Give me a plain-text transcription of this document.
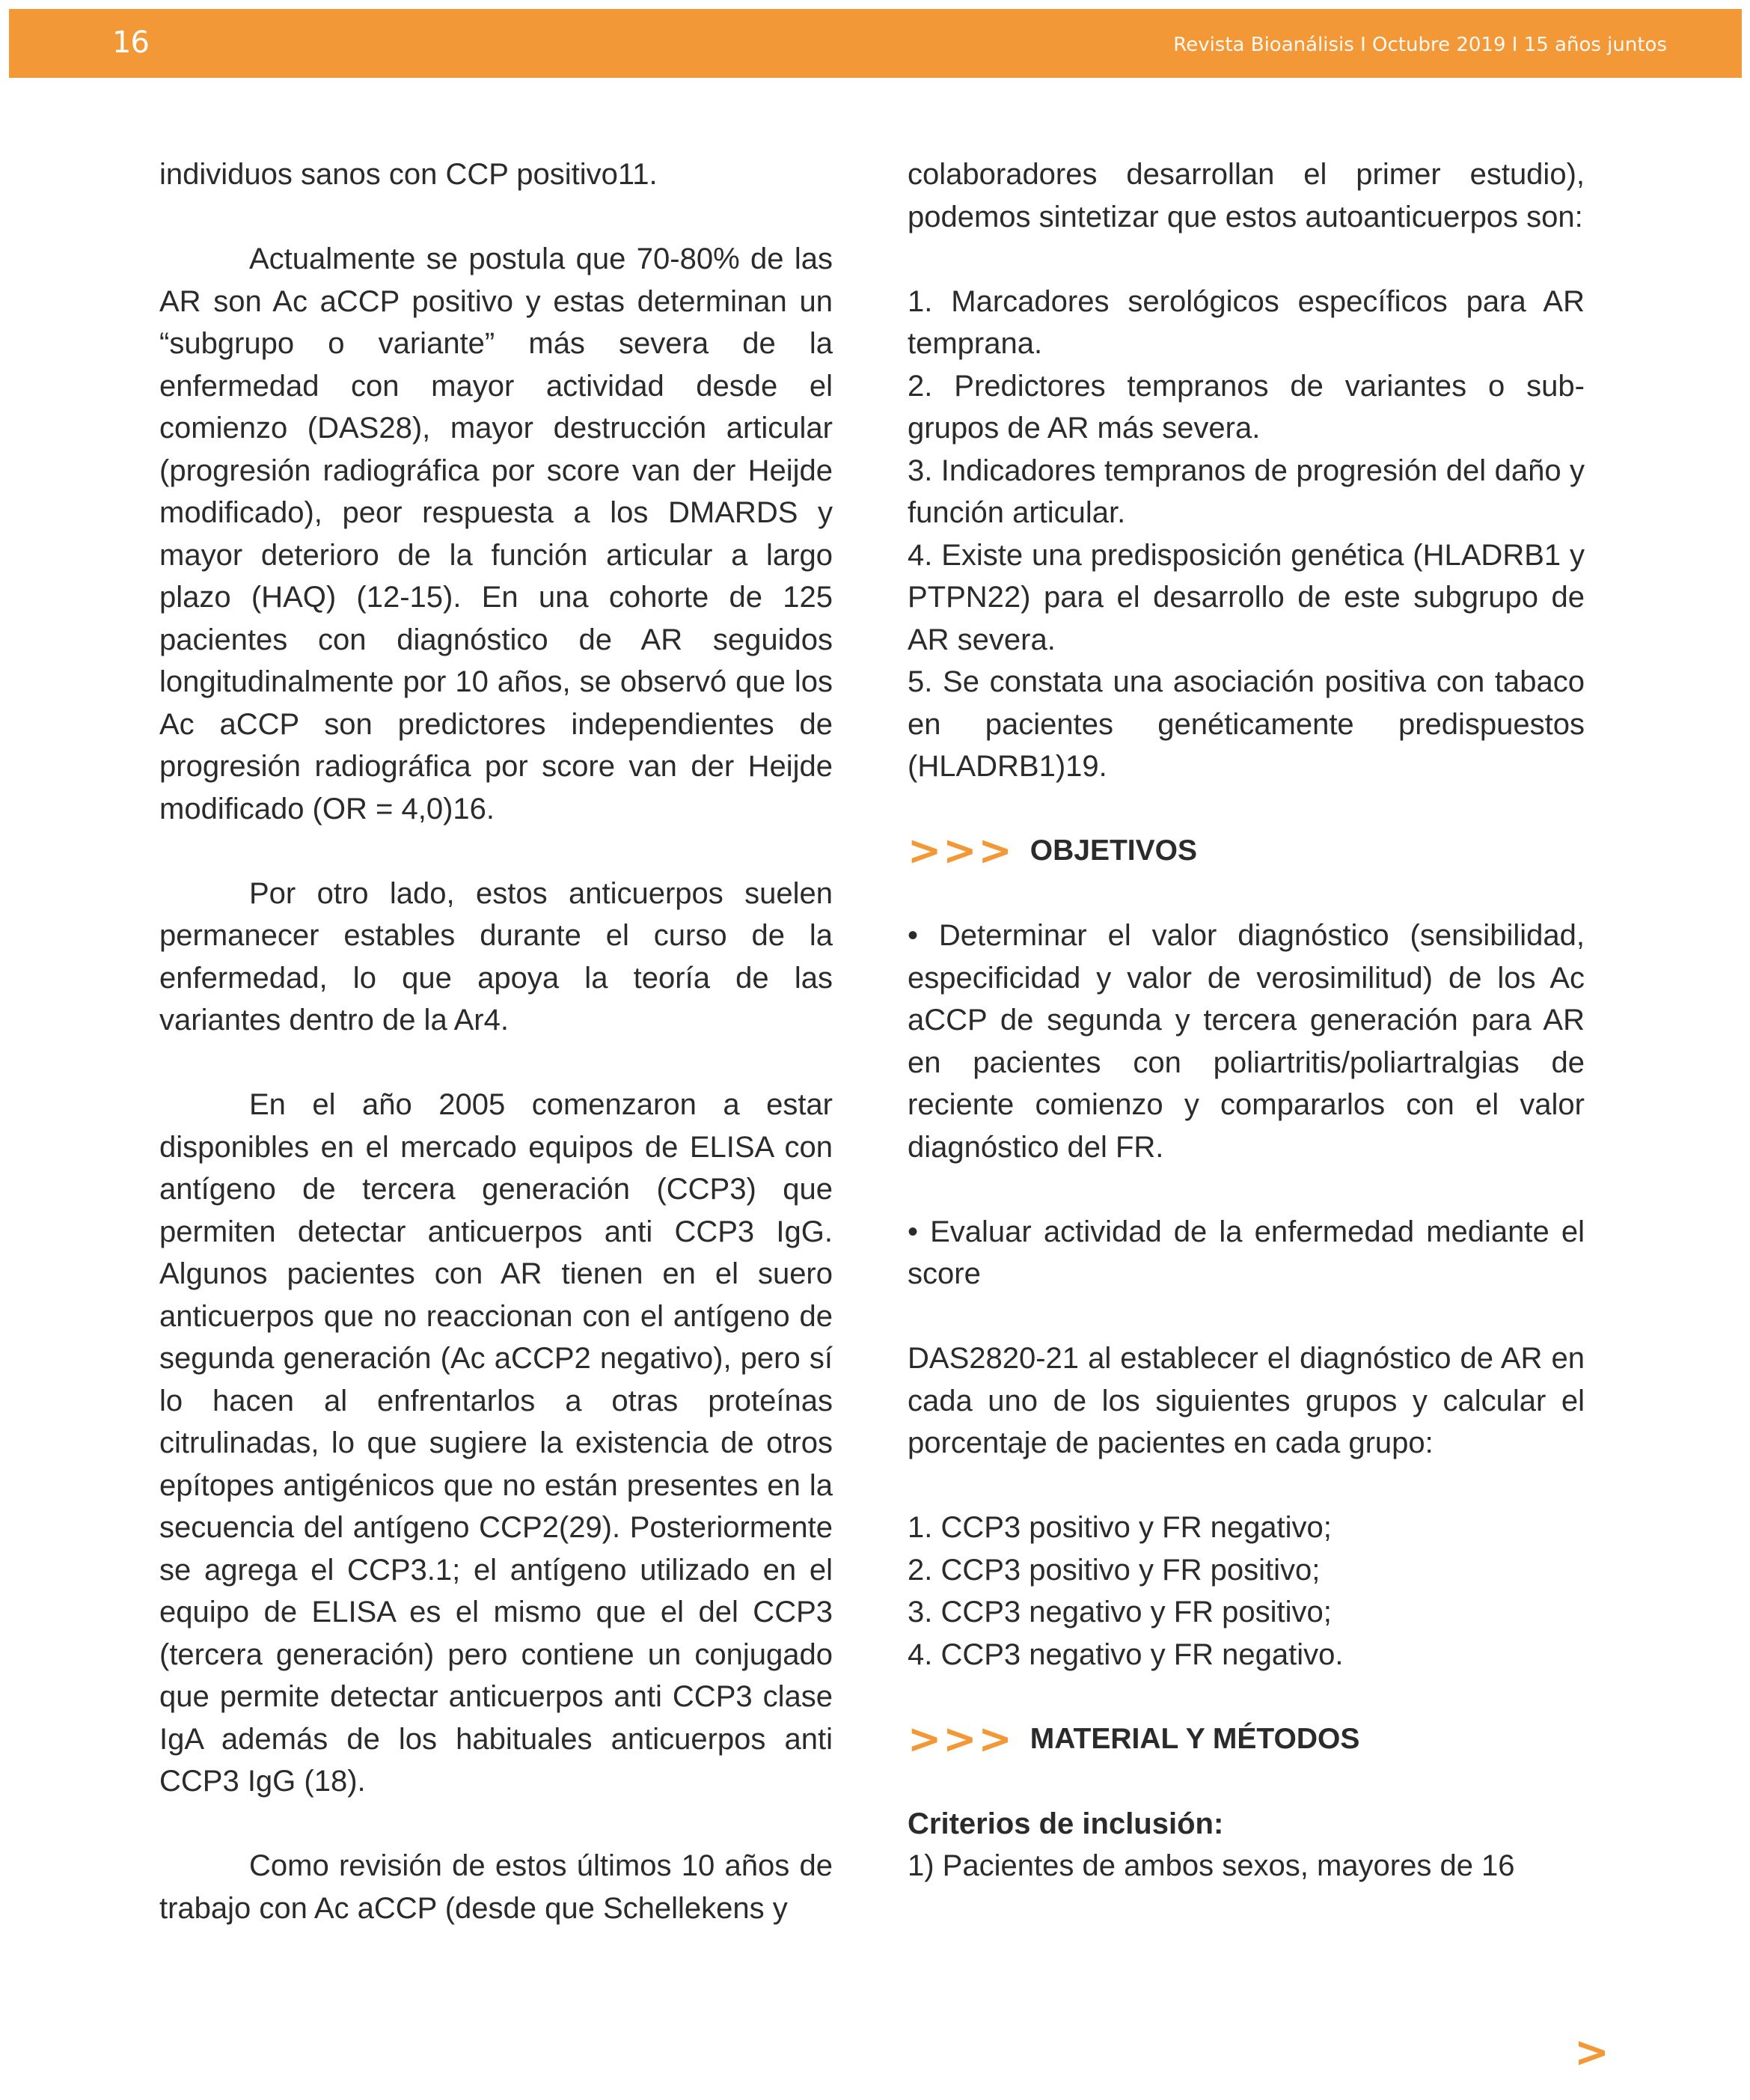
16	Revista Bioanálisis I Octubre 2019 I 15 años juntos

individuos sanos con CCP positivo11.

Actualmente se postula que 70-80% de las AR son Ac aCCP positivo y estas determinan un “subgrupo o variante” más severa de la enfermedad con mayor actividad desde el comienzo (DAS28), mayor destrucción articular (progresión radiográfica por score van der Heijde modificado), peor respuesta a los DMARDS y mayor deterioro de la función articular a largo plazo (HAQ) (12-15). En una cohorte de 125 pacientes con diagnóstico de AR seguidos longitudinalmente por 10 años, se observó que los Ac aCCP son predictores independientes de progresión radiográfica por score van der Heijde modificado (OR = 4,0)16.

Por otro lado, estos anticuerpos suelen permanecer estables durante el curso de la enfermedad, lo que apoya la teoría de las variantes dentro de la Ar4.

En el año 2005 comenzaron a estar disponibles en el mercado equipos de ELISA con antígeno de tercera generación (CCP3) que permiten detectar anticuerpos anti CCP3 IgG. Algunos pacientes con AR tienen en el suero anticuerpos que no reaccionan con el antígeno de segunda generación (Ac aCCP2 negativo), pero sí lo hacen al enfrentarlos a otras proteínas citrulinadas, lo que sugiere la existencia de otros epítopes antigénicos que no están presentes en la secuencia del antígeno CCP2(29). Posteriormente se agrega el CCP3.1; el antígeno utilizado en el equipo de ELISA es el mismo que el del CCP3 (tercera generación) pero contiene un conjugado que permite detectar anticuerpos anti CCP3 clase IgA además de los habituales anticuerpos anti CCP3 IgG (18).

Como revisión de estos últimos 10 años de trabajo con Ac aCCP (desde que Schellekens y

colaboradores desarrollan el primer estudio), podemos sintetizar que estos autoanticuerpos son:

1. Marcadores serológicos específicos para AR temprana.

2. Predictores tempranos de variantes o sub-grupos de AR más severa.

3. Indicadores tempranos de progresión del daño y función articular.

4. Existe una predisposición genética (HLADRB1 y PTPN22) para el desarrollo de este subgrupo de AR severa.

5. Se constata una asociación positiva con tabaco en pacientes genéticamente predispuestos (HLADRB1)19.

>>> OBJETIVOS

• Determinar el valor diagnóstico (sensibilidad, especificidad y valor de verosimilitud) de los Ac aCCP de segunda y tercera generación para AR en pacientes con poliartritis/poliartralgias de reciente comienzo y compararlos con el valor diagnóstico del FR.

• Evaluar actividad de la enfermedad mediante el score

DAS2820-21 al establecer el diagnóstico de AR en cada uno de los siguientes grupos y calcular el porcentaje de pacientes en cada grupo:

1. CCP3 positivo y FR negativo;

2. CCP3 positivo y FR positivo;

3. CCP3 negativo y FR positivo;

4. CCP3 negativo y FR negativo.

>>> MATERIAL Y MÉTODOS

Criterios de inclusión:

1) Pacientes de ambos sexos, mayores de 16

>
